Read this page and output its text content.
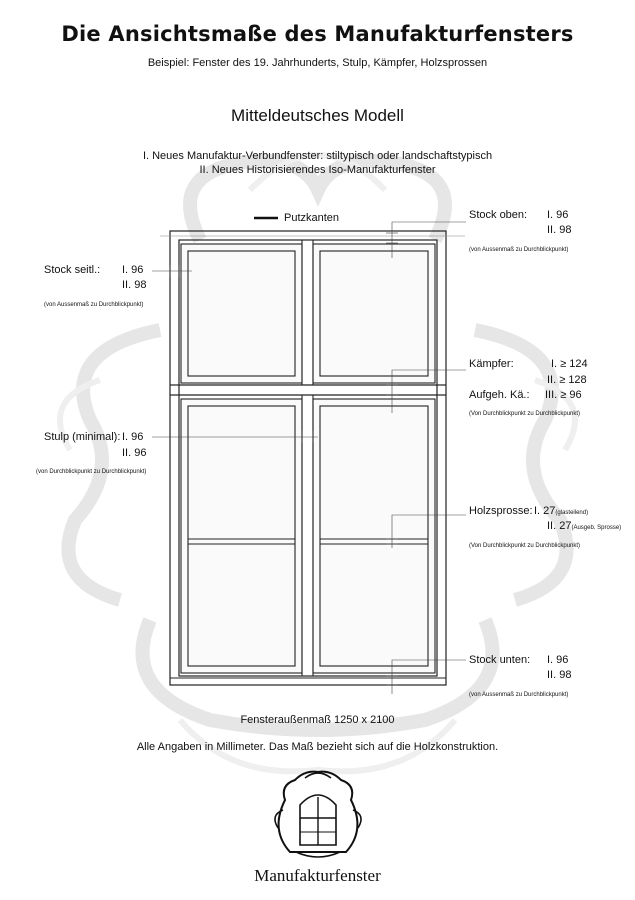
Die Ansichtsmaße des Manufakturfensters
Beispiel: Fenster des 19. Jahrhunderts, Stulp, Kämpfer, Holzsprossen
Mitteldeutsches Modell
I. Neues Manufaktur-Verbundfenster: stiltypisch oder landschaftstypisch
II. Neues Historisierendes Iso-Manufakturfenster
Putzkanten	Stock oben: I. 96
II. 98
(von Aussenmaß zu Durchblickpunkt)
Stock seitl.: I. 96
II. 98
(von Aussenmaß zu Durchblickpunkt)
Kämpfer:	I. ≥ 124
II. ≥ 128
Aufgeh. Kä.: III. ≥ 96
(Von Durchblickpunkt zu Durchblickpunkt)
Stulp (minimal): I. 96
II. 96
(von Durchblickpunkt zu Durchblickpunkt)
Holzsprosse: I. 27(glasteilend)
II. 27(Ausgeb. Sprosse)
(Von Durchblickpunkt zu Durchblickpunkt)
Stock unten: I. 96
II. 98
(von Aussenmaß zu Durchblickpunkt)
Fensteraußenmaß 1250 x 2100
Alle Angaben in Millimeter. Das Maß bezieht sich auf die Holzkonstruktion.
Manufakturfenster
